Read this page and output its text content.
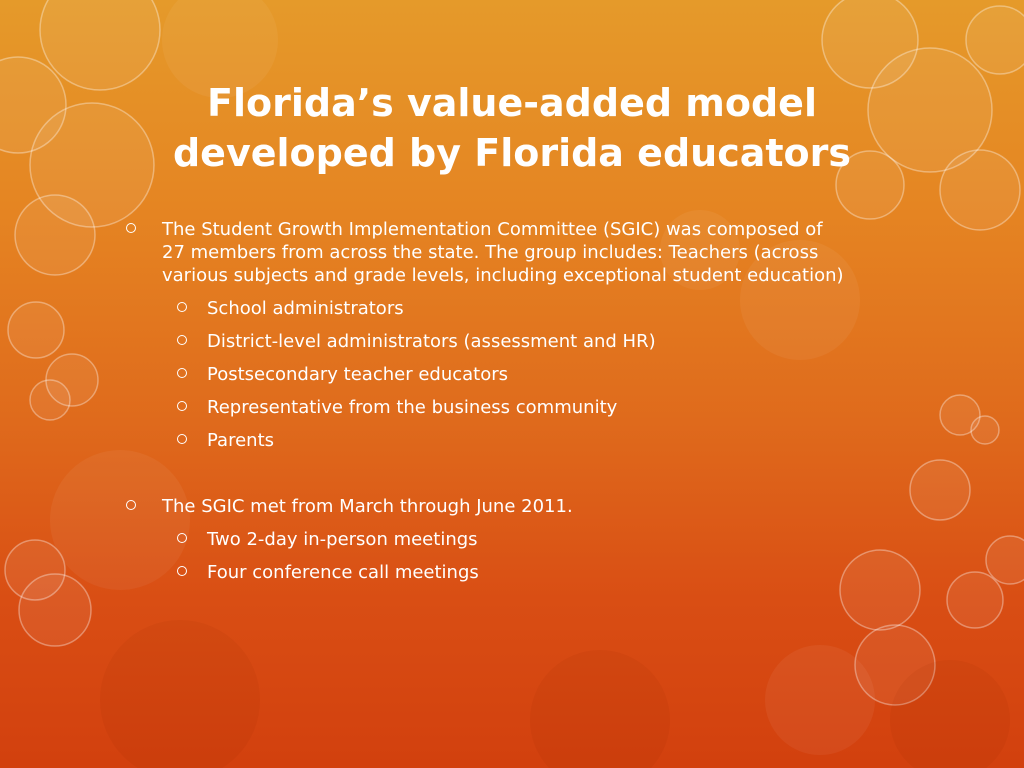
Florida’s value-added model
developed by Florida educators
The Student Growth Implementation Committee (SGIC) was composed of 27 members from across the state. The group includes: Teachers (across various subjects and grade levels, including exceptional student education)
School administrators
District-level administrators (assessment and HR)
Postsecondary teacher educators
Representative from the business community
Parents
The SGIC met from March through June 2011.
Two 2-day in-person meetings
Four conference call meetings
